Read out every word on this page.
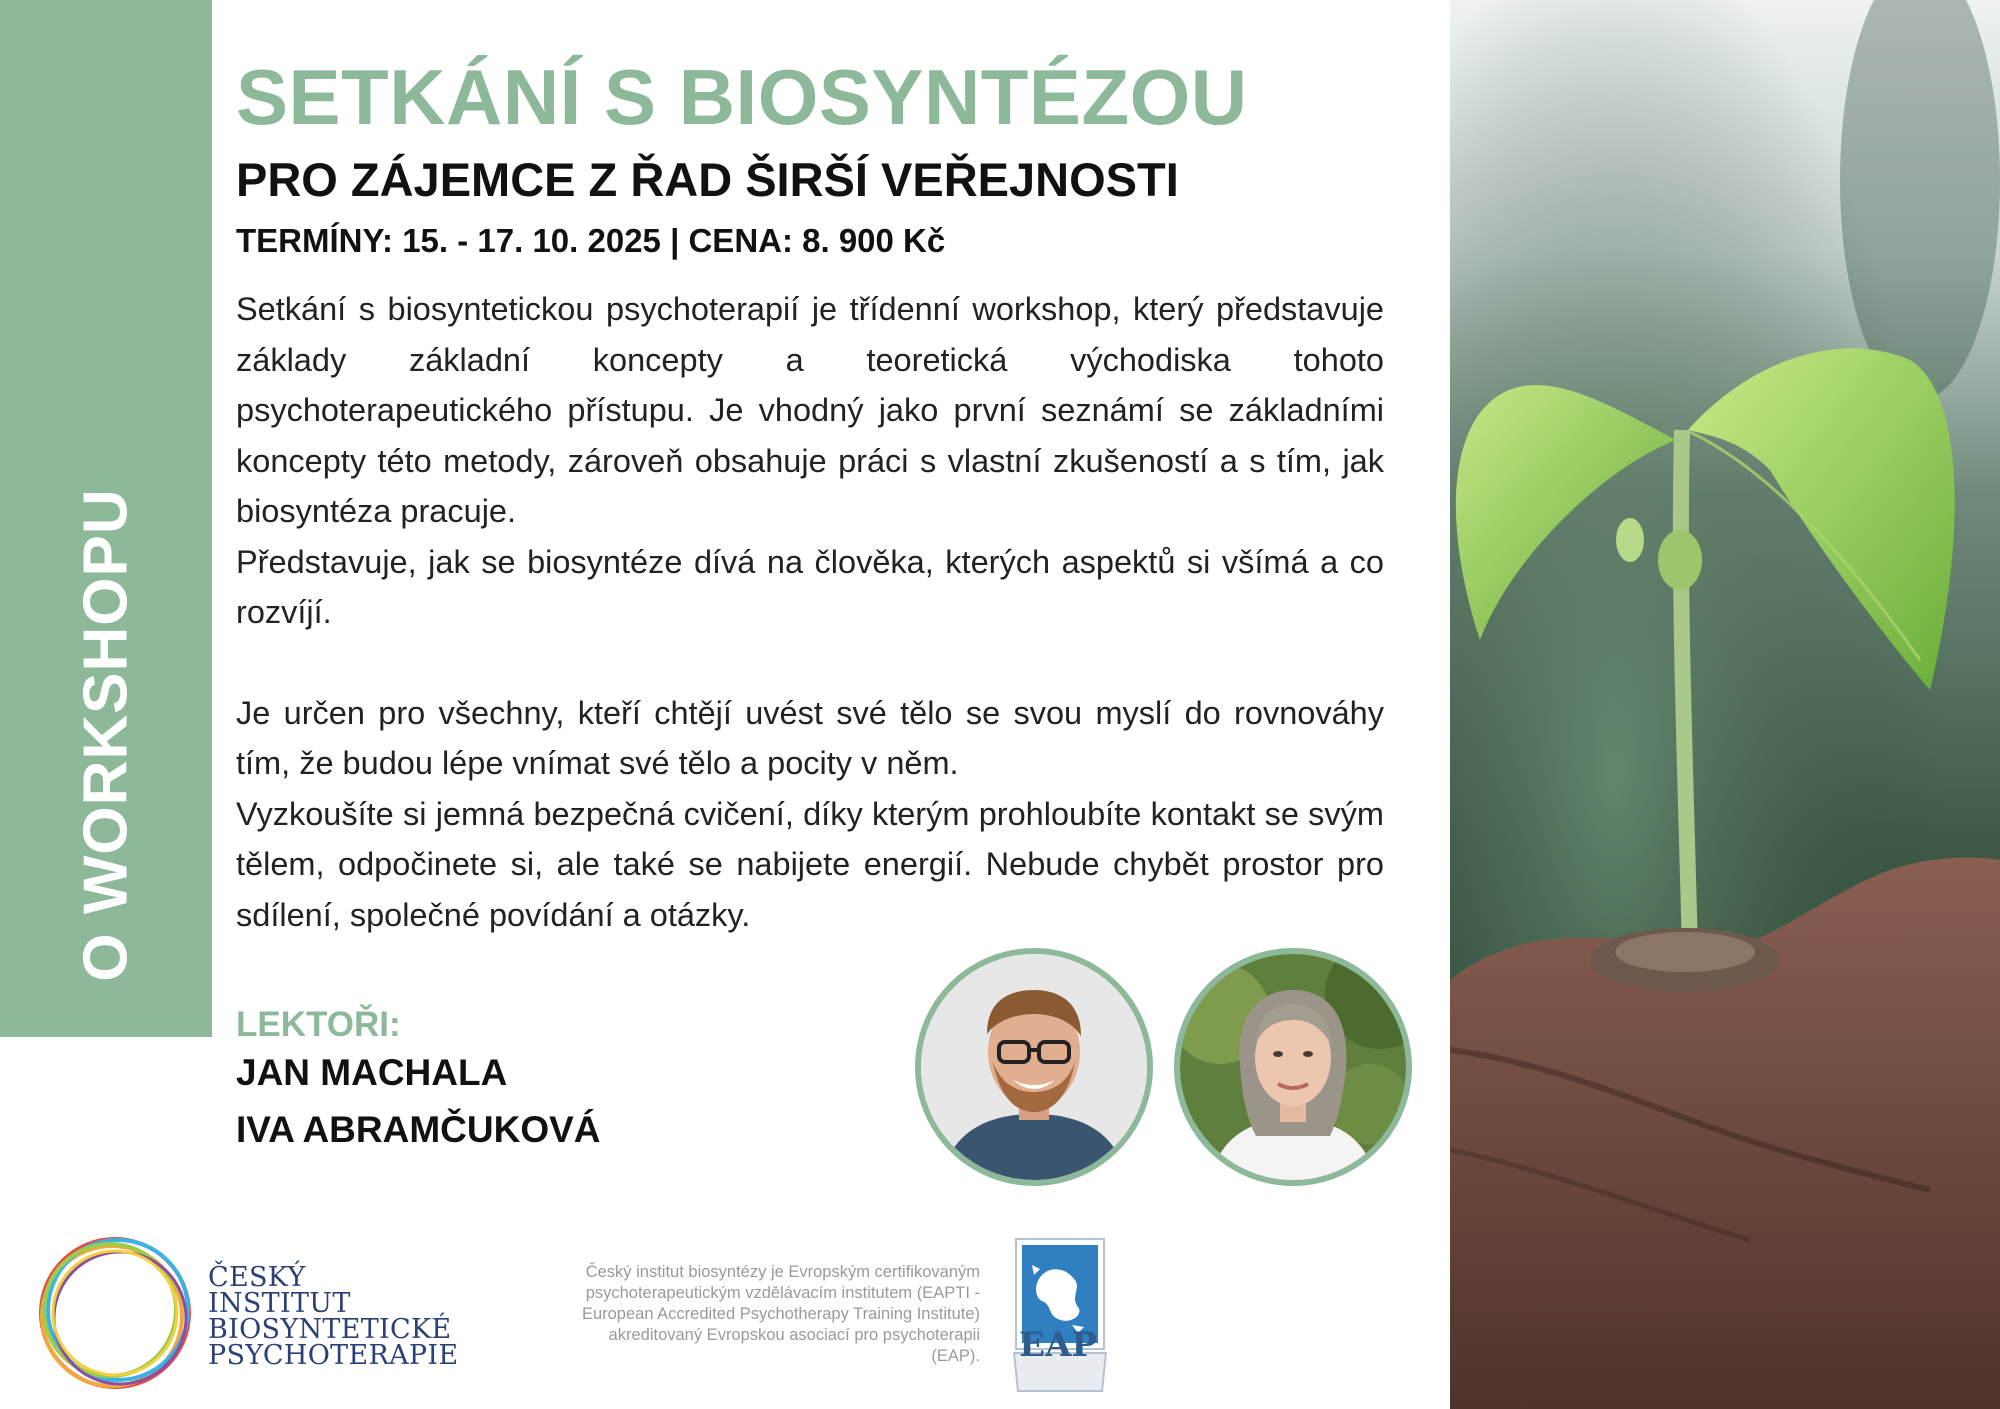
O WORKSHOPU
SETKÁNÍ S BIOSYNTÉZOU
PRO ZÁJEMCE Z ŘAD ŠIRŠÍ VEŘEJNOSTI
TERMÍNY: 15. - 17. 10. 2025 | CENA: 8. 900 Kč

Setkání s biosyntetickou psychoterapií je třídenní workshop, který představuje základy základní koncepty a teoretická východiska tohoto psychoterapeutického přístupu. Je vhodný jako první seznámí se základními koncepty této metody, zároveň obsahuje práci s vlastní zkušeností a s tím, jak biosyntéza pracuje.

Představuje, jak se biosyntéze dívá na člověka, kterých aspektů si všímá a co rozvíjí.

Je určen pro všechny, kteří chtějí uvést své tělo se svou myslí do rovnováhy tím, že budou lépe vnímat své tělo a pocity v něm.

Vyzkoušíte si jemná bezpečná cvičení, díky kterým prohloubíte kontakt se svým tělem, odpočinete si, ale také se nabijete energií. Nebude chybět prostor pro sdílení, společné povídání a otázky.

LEKTOŘI:
JAN MACHALA
IVA ABRAMČUKOVÁ
ČESKÝ
INSTITUT
BIOSYNTETICKÉ
PSYCHOTERAPIE
Český institut biosyntézy je Evropským certifikovaným psychoterapeutickým vzdělávacím institutem (EAPTI - European Accredited Psychotherapy Training Institute) akreditovaný Evropskou asociací pro psychoterapii (EAP).	EAP
